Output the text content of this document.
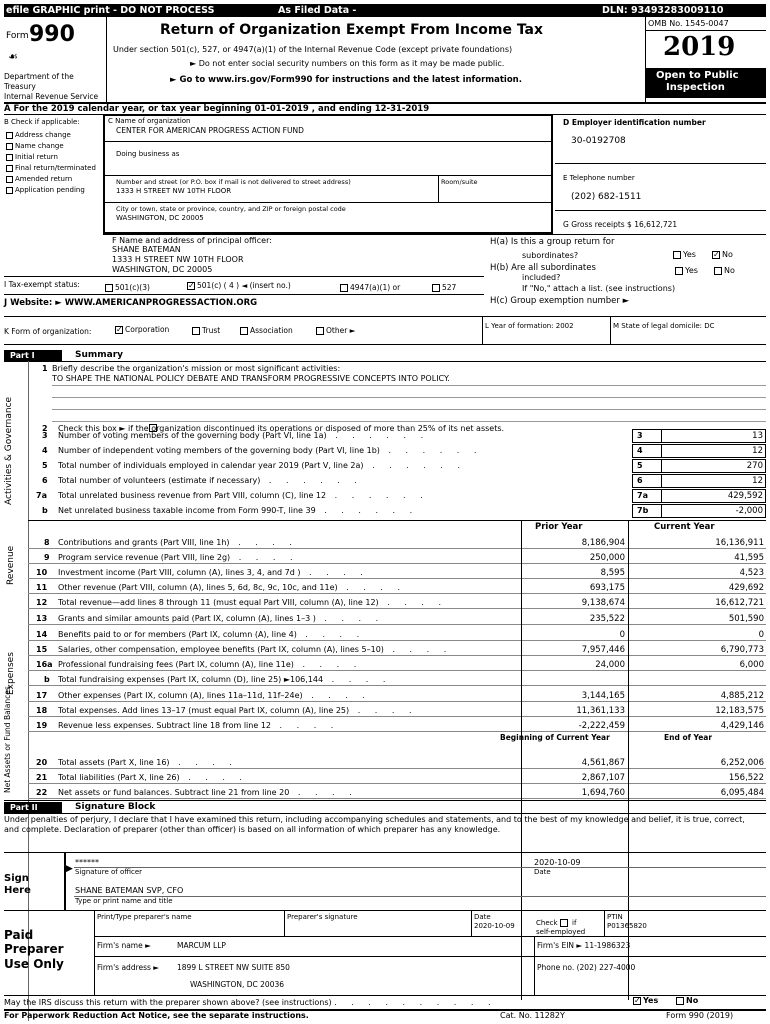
efile GRAPHIC print - DO NOT PROCESS	As Filed Data -	DLN: 93493283009110
Form 990
☙
Department of the
Treasury
Internal Revenue Service
Return of Organization Exempt From Income Tax
Under section 501(c), 527, or 4947(a)(1) of the Internal Revenue Code (except private foundations)
► Do not enter social security numbers on this form as it may be made public.
► Go to www.irs.gov/Form990 for instructions and the latest information.
OMB No. 1545-0047
2019
Open to Public
Inspection
A For the 2019 calendar year, or tax year beginning 01-01-2019 , and ending 12-31-2019
B Check if applicable:
Address change
Name change
Initial return
Final return/terminated
Amended return
Application pending
C Name of organization
CENTER FOR AMERICAN PROGRESS ACTION FUND
Doing business as
Number and street (or P.O. box if mail is not delivered to street address)	Room/suite
1333 H STREET NW 10TH FLOOR
City or town, state or province, country, and ZIP or foreign postal code
WASHINGTON, DC 20005
D Employer identification number
30-0192708
E Telephone number
(202) 682-1511
G Gross receipts $ 16,612,721
F Name and address of principal officer:
SHANE BATEMAN
1333 H STREET NW 10TH FLOOR
WASHINGTON, DC 20005
H(a) Is this a group return for
subordinates?	Yes ✓ No
H(b) Are all subordinates
included?
Yes	No
If "No," attach a list. (see instructions)
H(c) Group exemption number ►
I Tax-exempt status:	501(c)(3)	✓ 501(c) ( 4 ) ◄ (insert no.)	4947(a)(1) or	527
J Website: ► WWW.AMERICANPROGRESSACTION.ORG
K Form of organization:	✓ Corporation	Trust	Association	Other ►	L Year of formation: 2002	M State of legal domicile: DC
Part I	Summary
1 Briefly describe the organization's mission or most significant activities:
TO SHAPE THE NATIONAL POLICY DEBATE AND TRANSFORM PROGRESSIVE CONCEPTS INTO POLICY.
2 Check this box ► if the organization discontinued its operations or disposed of more than 25% of its net assets.
Activities & Governance	3 Number of voting members of the governing body (Part VI, line 1a) . . . . . .	3	13
4 Number of independent voting members of the governing body (Part VI, line 1b) . . . . . .	4	12
5 Total number of individuals employed in calendar year 2019 (Part V, line 2a) . . . . . .	5	270
6 Total number of volunteers (estimate if necessary) . . . . . .	6	12
7a Total unrelated business revenue from Part VIII, column (C), line 12 . . . . . .	7a	429,592
b Net unrelated business taxable income from Form 990-T, line 39 . . . . . .	7b	-2,000
8 Contributions and grants (Part VIII, line 1h) . . . .	8,186,904	16,136,911
9 Program service revenue (Part VIII, line 2g) . . . .	250,000	41,595
10 Investment income (Part VIII, column (A), lines 3, 4, and 7d ) . . . .	8,595	4,523
11 Other revenue (Part VIII, column (A), lines 5, 6d, 8c, 9c, 10c, and 11e) . . . .	693,175	429,692
12 Total revenue—add lines 8 through 11 (must equal Part VIII, column (A), line 12) . . . .	9,138,674	16,612,721
13 Grants and similar amounts paid (Part IX, column (A), lines 1–3 ) . . . .	235,522	501,590
14 Benefits paid to or for members (Part IX, column (A), line 4) . . . .	0	0
15 Salaries, other compensation, employee benefits (Part IX, column (A), lines 5–10) . . . .	7,957,446	6,790,773
16a Professional fundraising fees (Part IX, column (A), line 11e) . . . .	24,000	6,000
b Total fundraising expenses (Part IX, column (D), line 25) ►106,144 . . . .
17 Other expenses (Part IX, column (A), lines 11a–11d, 11f–24e) . . . .	3,144,165	4,885,212
18 Total expenses. Add lines 13–17 (must equal Part IX, column (A), line 25) . . . .	11,361,133	12,183,575
19 Revenue less expenses. Subtract line 18 from line 12 . . . .	-2,222,459	4,429,146
20 Total assets (Part X, line 16) . . . .	4,561,867	6,252,006
21 Total liabilities (Part X, line 26) . . . .	2,867,107	156,522
22 Net assets or fund balances. Subtract line 21 from line 20 . . . .	1,694,760	6,095,484
Prior Year	Current Year
Revenue
Expenses
Net Assets or Fund Balances	Beginning of Current Year	End of Year
Part II	Signature Block
Under penalties of perjury, I declare that I have examined this return, including accompanying schedules and statements, and to the best of my knowledge and belief, it is true, correct, and complete. Declaration of preparer (other than officer) is based on all information of which preparer has any knowledge.
Sign
Here
▶
******
Signature of officer
2020-10-09
Date
SHANE BATEMAN SVP, CFO
Type or print name and title
Paid
Preparer
Use Only
Print/Type preparer's name	Preparer's signature	Date
2020-10-09	Check if
self-employed
PTIN
P01365820
Firm's name ►	MARCUM LLP	Firm's EIN ► 11-1986323
Firm's address ► 1899 L STREET NW SUITE 850
WASHINGTON, DC 20036
Phone no. (202) 227-4000
May the IRS discuss this return with the preparer shown above? (see instructions) . . . . . . . . . .	✓ Yes	No
For Paperwork Reduction Act Notice, see the separate instructions.	Cat. No. 11282Y	Form 990 (2019)
